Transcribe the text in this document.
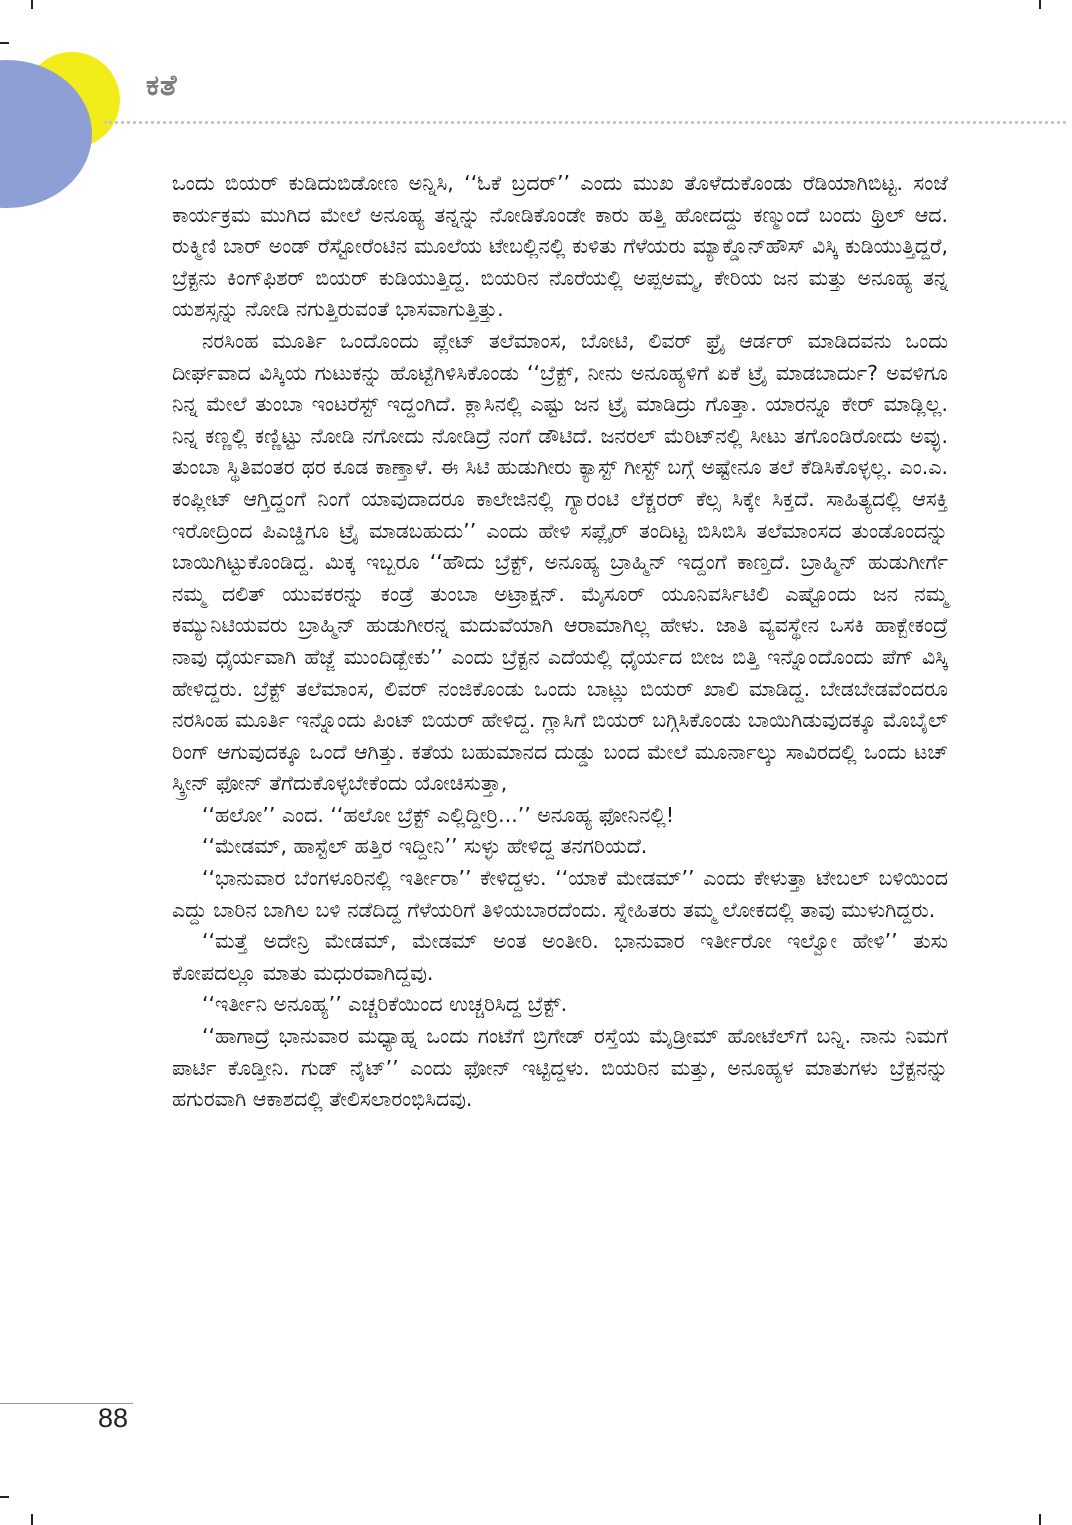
ಕತೆ

ಒಂದು ಬಿಯರ್ ಕುಡಿದುಬಿಡೋಣ ಅನ್ನಿಸಿ, ‘‘ಓಕೆ ಬ್ರದರ್’’ ಎಂದು ಮುಖ ತೊಳೆದುಕೊಂಡು ರೆಡಿಯಾಗಿಬಿಟ್ಟ. ಸಂಜೆ ಕಾರ್ಯಕ್ರಮ ಮುಗಿದ ಮೇಲೆ ಅನೂಹ್ಯ ತನ್ನನ್ನು ನೋಡಿಕೊಂಡೇ ಕಾರು ಹತ್ತಿ ಹೋದದ್ದು ಕಣ್ಮುಂದೆ ಬಂದು ಥ್ರಿಲ್ ಆದ. ರುಕ್ಮಿಣಿ ಬಾರ್ ಅಂಡ್ ರೆಸ್ಟೋರೆಂಟಿನ ಮೂಲೆಯ ಟೇಬಲ್ಲಿನಲ್ಲಿ ಕುಳಿತು ಗೆಳೆಯರು ಮ್ಯಾಕ್ಡೊನ್‌ಹೌಸ್ ವಿಸ್ಕಿ ಕುಡಿಯುತ್ತಿದ್ದರೆ, ಬ್ರೆಕ್ಟನು ಕಿಂಗ್‌ಫಿಶರ್ ಬಿಯರ್ ಕುಡಿಯುತ್ತಿದ್ದ. ಬಿಯರಿನ ನೊರೆಯಲ್ಲಿ ಅಪ್ಪಅಮ್ಮ, ಕೇರಿಯ ಜನ ಮತ್ತು ಅನೂಹ್ಯ ತನ್ನ ಯಶಸ್ಸನ್ನು ನೋಡಿ ನಗುತ್ತಿರುವಂತೆ ಭಾಸವಾಗುತ್ತಿತ್ತು.

ನರಸಿಂಹ ಮೂರ್ತಿ ಒಂದೊಂದು ಪ್ಲೇಟ್ ತಲೆಮಾಂಸ, ಬೋಟಿ, ಲಿವರ್ ಫ್ರೈ ಆರ್ಡರ್ ಮಾಡಿದವನು ಒಂದು ದೀರ್ಘವಾದ ವಿಸ್ಕಿಯ ಗುಟುಕನ್ನು ಹೊಟ್ಟೆಗಿಳಿಸಿಕೊಂಡು ‘‘ಬ್ರೆಕ್ಟ್, ನೀನು ಅನೂಹ್ಯಳಿಗೆ ಏಕೆ ಟ್ರೈ ಮಾಡಬಾರ್ದು? ಅವಳಿಗೂ ನಿನ್ನ ಮೇಲೆ ತುಂಬಾ ಇಂಟರೆಸ್ಟ್ ಇದ್ದಂಗಿದೆ. ಕ್ಲಾಸಿನಲ್ಲಿ ಎಷ್ಟು ಜನ ಟ್ರೈ ಮಾಡಿದ್ರು ಗೊತ್ತಾ. ಯಾರನ್ನೂ ಕೇರ್ ಮಾಡ್ಲಿಲ್ಲ. ನಿನ್ನ ಕಣ್ಣಲ್ಲಿ ಕಣ್ಣಿಟ್ಟು ನೋಡಿ ನಗೋದು ನೋಡಿದ್ರೆ ನಂಗೆ ಡೌಟಿದೆ. ಜನರಲ್ ಮೆರಿಟ್‌ನಲ್ಲಿ ಸೀಟು ತಗೊಂಡಿರೋದು ಅವ್ಳು. ತುಂಬಾ ಸ್ಥಿತಿವಂತರ ಥರ ಕೂಡ ಕಾಣ್ತಾಳೆ. ಈ ಸಿಟಿ ಹುಡುಗೀರು ಕ್ಯಾಸ್ಟ್ ಗೀಸ್ಟ್ ಬಗ್ಗೆ ಅಷ್ಟೇನೂ ತಲೆ ಕೆಡಿಸಿಕೊಳ್ಳಲ್ಲ. ಎಂ.ಎ. ಕಂಪ್ಲೀಟ್ ಆಗ್ತಿದ್ದಂಗೆ ನಿಂಗೆ ಯಾವುದಾದರೂ ಕಾಲೇಜಿನಲ್ಲಿ ಗ್ಯಾರಂಟಿ ಲೆಕ್ಚರರ್ ಕೆಲ್ಸ ಸಿಕ್ಕೇ ಸಿಕ್ತದೆ. ಸಾಹಿತ್ಯದಲ್ಲಿ ಆಸಕ್ತಿ ಇರೋದ್ರಿಂದ ಪಿಎಚ್ಡಿಗೂ ಟ್ರೈ ಮಾಡಬಹುದು’’ ಎಂದು ಹೇಳಿ ಸಪ್ಲೈರ್ ತಂದಿಟ್ಟ ಬಿಸಿಬಿಸಿ ತಲೆಮಾಂಸದ ತುಂಡೊಂದನ್ನು ಬಾಯಿಗಿಟ್ಟುಕೊಂಡಿದ್ದ. ಮಿಕ್ಕ ಇಬ್ಬರೂ ‘‘ಹೌದು ಬ್ರೆಕ್ಟ್, ಅನೂಹ್ಯ ಬ್ರಾಹ್ಮಿನ್ ಇದ್ದಂಗೆ ಕಾಣ್ತದೆ. ಬ್ರಾಹ್ಮಿನ್ ಹುಡುಗೀರ್ಗೆ ನಮ್ಮ ದಲಿತ್ ಯುವಕರನ್ನು ಕಂಡ್ರೆ ತುಂಬಾ ಅಟ್ರಾಕ್ಷನ್. ಮೈಸೂರ್ ಯೂನಿವರ್ಸಿಟಿಲಿ ಎಷ್ಟೊಂದು ಜನ ನಮ್ಮ ಕಮ್ಯುನಿಟಿಯವರು ಬ್ರಾಹ್ಮಿನ್ ಹುಡುಗೀರನ್ನ ಮದುವೆಯಾಗಿ ಆರಾಮಾಗಿಲ್ಲ ಹೇಳು. ಜಾತಿ ವ್ಯವಸ್ಥೇನ ಒಸಕಿ ಹಾಕ್ಬೇಕಂದ್ರೆ ನಾವು ಧೈರ್ಯವಾಗಿ ಹೆಜ್ಜೆ ಮುಂದಿಡ್ಬೇಕು’’ ಎಂದು ಬ್ರೆಕ್ಟನ ಎದೆಯಲ್ಲಿ ಧೈರ್ಯದ ಬೀಜ ಬಿತ್ತಿ ಇನ್ನೊಂದೊಂದು ಪೆಗ್ ವಿಸ್ಕಿ ಹೇಳಿದ್ದರು. ಬ್ರೆಕ್ಟ್ ತಲೆಮಾಂಸ, ಲಿವರ್ ನಂಜಿಕೊಂಡು ಒಂದು ಬಾಟ್ಲು ಬಿಯರ್ ಖಾಲಿ ಮಾಡಿದ್ದ. ಬೇಡಬೇಡವೆಂದರೂ ನರಸಿಂಹ ಮೂರ್ತಿ ಇನ್ನೊಂದು ಪಿಂಟ್ ಬಿಯರ್ ಹೇಳಿದ್ದ. ಗ್ಲಾಸಿಗೆ ಬಿಯರ್ ಬಗ್ಗಿಸಿಕೊಂಡು ಬಾಯಿಗಿಡುವುದಕ್ಕೂ ಮೊಬೈಲ್ ರಿಂಗ್ ಆಗುವುದಕ್ಕೂ ಒಂದೆ ಆಗಿತ್ತು. ಕತೆಯ ಬಹುಮಾನದ ದುಡ್ಡು ಬಂದ ಮೇಲೆ ಮೂರ್ನಾಲ್ಕು ಸಾವಿರದಲ್ಲಿ ಒಂದು ಟಚ್ ಸ್ಕ್ರೀನ್ ಫೋನ್ ತೆಗೆದುಕೊಳ್ಳಬೇಕೆಂದು ಯೋಚಿಸುತ್ತಾ,

‘‘ಹಲೋ’’ ಎಂದ. ‘‘ಹಲೋ ಬ್ರೆಕ್ಟ್ ಎಲ್ಲಿದ್ದೀರ್ರಿ...’’ ಅನೂಹ್ಯ ಫೋನಿನಲ್ಲಿ!

‘‘ಮೇಡಮ್, ಹಾಸ್ಟೆಲ್ ಹತ್ತಿರ ಇದ್ದೀನಿ’’ ಸುಳ್ಳು ಹೇಳಿದ್ದ ತನಗರಿಯದೆ.

‘‘ಭಾನುವಾರ ಬೆಂಗಳೂರಿನಲ್ಲಿ ಇರ್ತೀರಾ’’ ಕೇಳಿದ್ದಳು. ‘‘ಯಾಕೆ ಮೇಡಮ್’’ ಎಂದು ಕೇಳುತ್ತಾ ಟೇಬಲ್ ಬಳಿಯಿಂದ ಎದ್ದು ಬಾರಿನ ಬಾಗಿಲ ಬಳಿ ನಡೆದಿದ್ದ ಗೆಳೆಯರಿಗೆ ತಿಳಿಯಬಾರದೆಂದು. ಸ್ನೇಹಿತರು ತಮ್ಮ ಲೋಕದಲ್ಲಿ ತಾವು ಮುಳುಗಿದ್ದರು.

‘‘ಮತ್ತೆ ಅದೇನ್ರಿ ಮೇಡಮ್, ಮೇಡಮ್ ಅಂತ ಅಂತೀರಿ. ಭಾನುವಾರ ಇರ್ತೀರೋ ಇಲ್ವೋ ಹೇಳಿ’’ ತುಸು ಕೋಪದಲ್ಲೂ ಮಾತು ಮಧುರವಾಗಿದ್ದವು.

‘‘ಇರ್ತೀನಿ ಅನೂಹ್ಯ’’ ಎಚ್ಚರಿಕೆಯಿಂದ ಉಚ್ಚರಿಸಿದ್ದ ಬ್ರೆಕ್ಟ್.

‘‘ಹಾಗಾದ್ರೆ ಭಾನುವಾರ ಮಧ್ಯಾಹ್ನ ಒಂದು ಗಂಟೆಗೆ ಬ್ರಿಗೇಡ್ ರಸ್ತೆಯ ಮೈಡ್ರೀಮ್ ಹೋಟೆಲ್‌ಗೆ ಬನ್ನಿ. ನಾನು ನಿಮಗೆ ಪಾರ್ಟಿ ಕೊಡ್ತೀನಿ. ಗುಡ್ ನೈಟ್’’ ಎಂದು ಫೋನ್ ಇಟ್ಟಿದ್ದಳು. ಬಿಯರಿನ ಮತ್ತು, ಅನೂಹ್ಯಳ ಮಾತುಗಳು ಬ್ರೆಕ್ಟನನ್ನು ಹಗುರವಾಗಿ ಆಕಾಶದಲ್ಲಿ ತೇಲಿಸಲಾರಂಭಿಸಿದವು.

88
